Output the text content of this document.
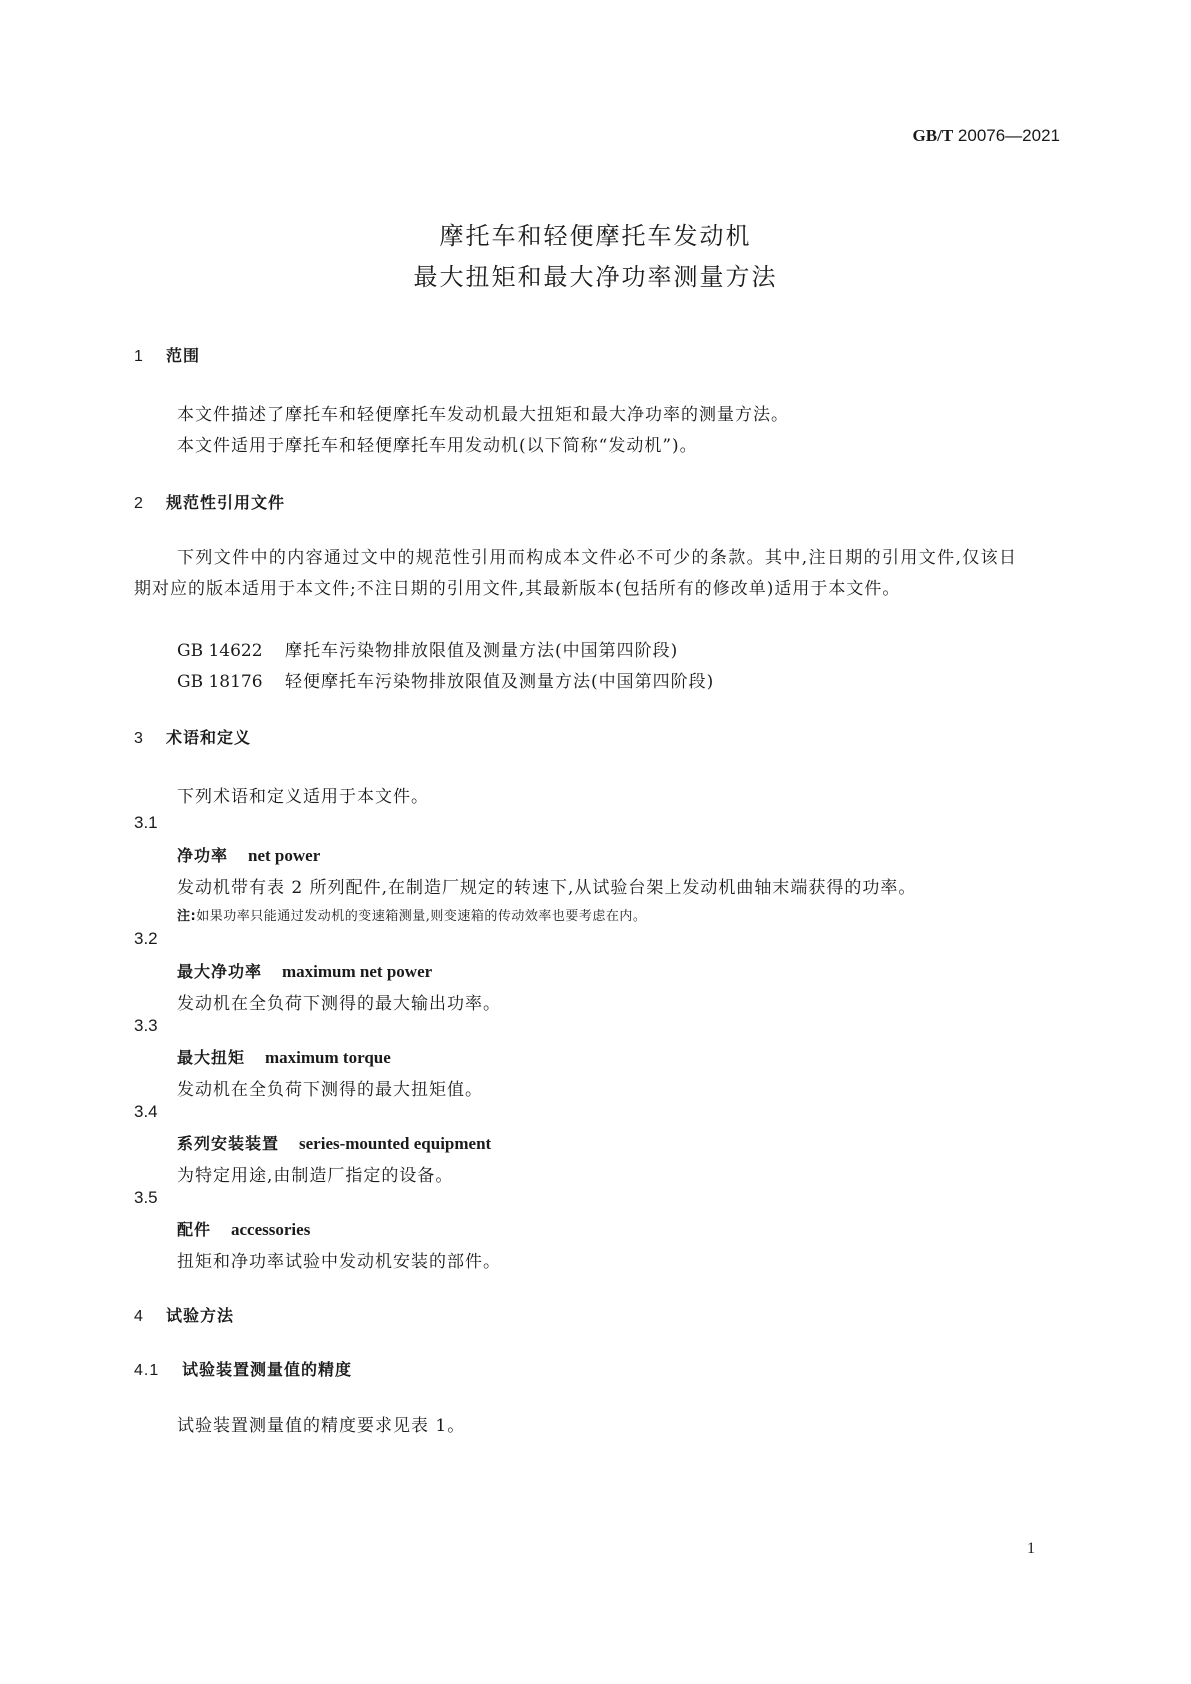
GB/T 20076—2021
摩托车和轻便摩托车发动机
最大扭矩和最大净功率测量方法
1 范围
本文件描述了摩托车和轻便摩托车发动机最大扭矩和最大净功率的测量方法。
本文件适用于摩托车和轻便摩托车用发动机(以下简称“发动机”)。
2 规范性引用文件
下列文件中的内容通过文中的规范性引用而构成本文件必不可少的条款。其中,注日期的引用文件,仅该日期对应的版本适用于本文件;不注日期的引用文件,其最新版本(包括所有的修改单)适用于本文件。
GB 14622 摩托车污染物排放限值及测量方法(中国第四阶段)
GB 18176 轻便摩托车污染物排放限值及测量方法(中国第四阶段)
3 术语和定义
下列术语和定义适用于本文件。
3.1
净功率 net power
发动机带有表 2 所列配件,在制造厂规定的转速下,从试验台架上发动机曲轴末端获得的功率。
注:如果功率只能通过发动机的变速箱测量,则变速箱的传动效率也要考虑在内。
3.2
最大净功率 maximum net power
发动机在全负荷下测得的最大输出功率。
3.3
最大扭矩 maximum torque
发动机在全负荷下测得的最大扭矩值。
3.4
系列安装装置 series-mounted equipment
为特定用途,由制造厂指定的设备。
3.5
配件 accessories
扭矩和净功率试验中发动机安装的部件。
4 试验方法
4.1 试验装置测量值的精度
试验装置测量值的精度要求见表 1。
1
